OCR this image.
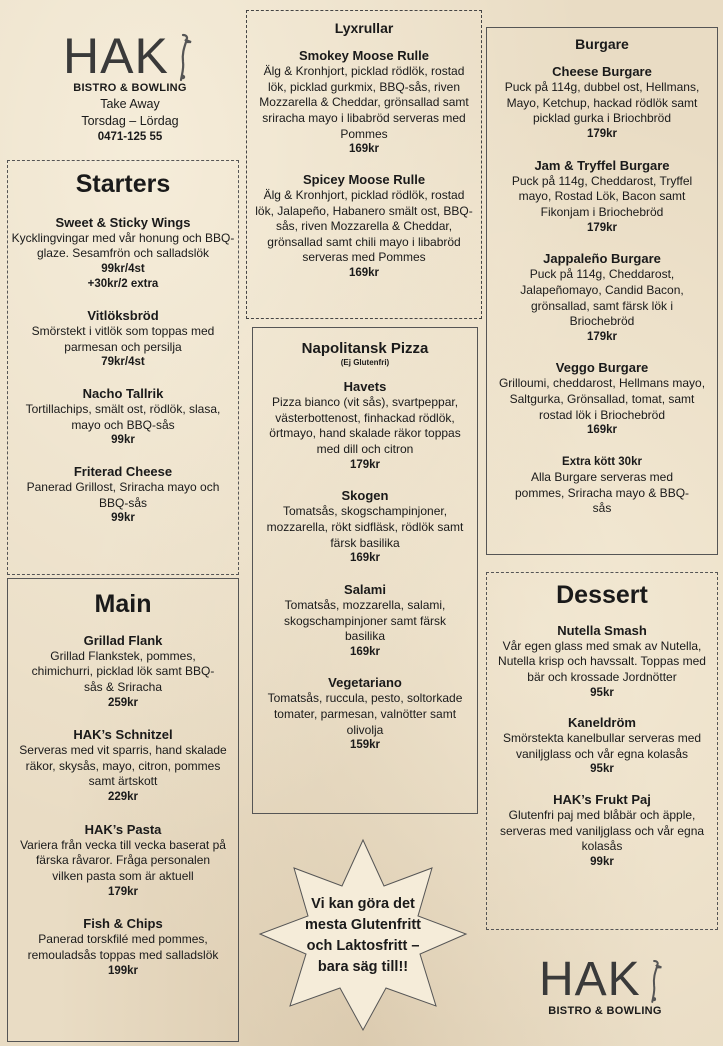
HAK
BISTRO & BOWLING
Take Away
Torsdag – Lördag
0471-125 55
Starters
Sweet & Sticky Wings
Kycklingvingar med vår honung och BBQ-glaze. Sesamfrön och salladslök
99kr/4st
+30kr/2 extra
Vitlöksbröd
Smörstekt i vitlök som toppas med parmesan och persilja
79kr/4st
Nacho Tallrik
Tortillachips, smält ost, rödlök, slasa, mayo och BBQ-sås
99kr
Friterad Cheese
Panerad Grillost, Sriracha mayo och BBQ-sås
99kr
Main
Grillad Flank
Grillad Flankstek, pommes, chimichurri, picklad lök samt BBQ-sås & Sriracha
259kr
HAK’s Schnitzel
Serveras med vit sparris, hand skalade räkor, skysås, mayo, citron, pommes samt ärtskott
229kr
HAK’s Pasta
Variera från vecka till vecka baserat på färska råvaror. Fråga personalen vilken pasta som är aktuell
179kr
Fish & Chips
Panerad torskfilé med pommes, remouladsås toppas med salladslök
199kr
Lyxrullar
Smokey Moose Rulle
Älg & Kronhjort, picklad rödlök, rostad lök, picklad gurkmix, BBQ-sås, riven Mozzarella & Cheddar, grönsallad samt sriracha mayo i libabröd serveras med Pommes
169kr
Spicey Moose Rulle
Älg & Kronhjort, picklad rödlök, rostad lök, Jalapeño, Habanero smält ost, BBQ-sås, riven Mozzarella & Cheddar, grönsallad samt chili mayo i libabröd serveras med Pommes
169kr
Napolitansk Pizza
(Ej Glutenfri)
Havets
Pizza bianco (vit sås), svartpeppar, västerbottenost, finhackad rödlök, örtmayo, hand skalade räkor toppas med dill och citron
179kr
Skogen
Tomatsås, skogschampinjoner, mozzarella, rökt sidfläsk, rödlök samt färsk basilika
169kr
Salami
Tomatsås, mozzarella, salami, skogschampinjoner samt färsk basilika
169kr
Vegetariano
Tomatsås, ruccula, pesto, soltorkade tomater, parmesan, valnötter samt olivolja
159kr
Vi kan göra det mesta Glutenfritt och Laktosfritt – bara säg till!!
Burgare
Cheese Burgare
Puck på 114g, dubbel ost, Hellmans, Mayo, Ketchup, hackad rödlök samt picklad gurka i Briochbröd
179kr
Jam & Tryffel Burgare
Puck på 114g, Cheddarost, Tryffel mayo, Rostad Lök, Bacon samt Fikonjam i Briochebröd
179kr
Jappaleño Burgare
Puck på 114g, Cheddarost, Jalapeñomayo, Candid Bacon, grönsallad, samt färsk lök i Briochebröd
179kr
Veggo Burgare
Grilloumi, cheddarost, Hellmans mayo, Saltgurka, Grönsallad, tomat, samt rostad lök i Briochebröd
169kr
Extra kött 30kr
Alla Burgare serveras med pommes, Sriracha mayo & BBQ-sås
Dessert
Nutella Smash
Vår egen glass med smak av Nutella, Nutella krisp och havssalt. Toppas med bär och krossade Jordnötter
95kr
Kaneldröm
Smörstekta kanelbullar serveras med vaniljglass och vår egna kolasås
95kr
HAK’s Frukt Paj
Glutenfri paj med blåbär och äpple, serveras med vaniljglass och vår egna kolasås
99kr
HAK
BISTRO & BOWLING
